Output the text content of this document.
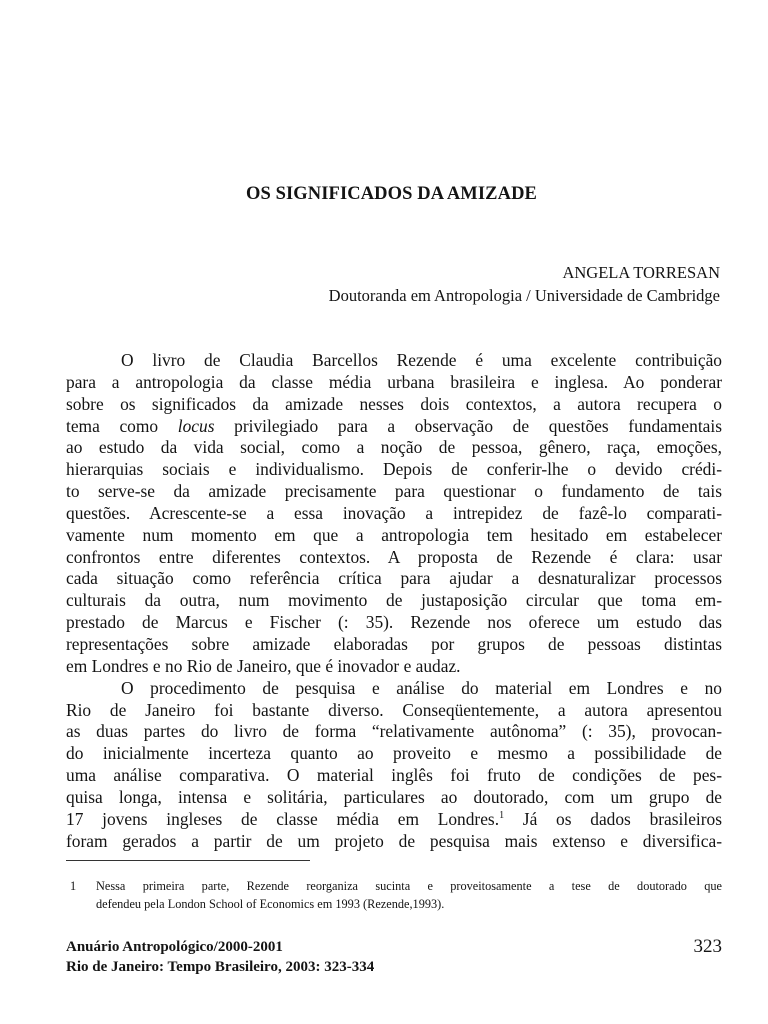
OS SIGNIFICADOS DA AMIZADE
ANGELA TORRESAN
Doutoranda em Antropologia / Universidade de Cambridge

O livro de Claudia Barcellos Rezende é uma excelente contribuição
para a antropologia da classe média urbana brasileira e inglesa. Ao ponderar
sobre os significados da amizade nesses dois contextos, a autora recupera o
tema como locus privilegiado para a observação de questões fundamentais
ao estudo da vida social, como a noção de pessoa, gênero, raça, emoções,
hierarquias sociais e individualismo. Depois de conferir-lhe o devido crédi-
to serve-se da amizade precisamente para questionar o fundamento de tais
questões. Acrescente-se a essa inovação a intrepidez de fazê-lo comparati-
vamente num momento em que a antropologia tem hesitado em estabelecer
confrontos entre diferentes contextos. A proposta de Rezende é clara: usar
cada situação como referência crítica para ajudar a desnaturalizar processos
culturais da outra, num movimento de justaposição circular que toma em-
prestado de Marcus e Fischer (: 35). Rezende nos oferece um estudo das
representações sobre amizade elaboradas por grupos de pessoas distintas
em Londres e no Rio de Janeiro, que é inovador e audaz.

O procedimento de pesquisa e análise do material em Londres e no
Rio de Janeiro foi bastante diverso. Conseqüentemente, a autora apresentou
as duas partes do livro de forma “relativamente autônoma” (: 35), provocan-
do inicialmente incerteza quanto ao proveito e mesmo a possibilidade de
uma análise comparativa. O material inglês foi fruto de condições de pes-
quisa longa, intensa e solitária, particulares ao doutorado, com um grupo de
17 jovens ingleses de classe média em Londres.$^1$ Já os dados brasileiros
foram gerados a partir de um projeto de pesquisa mais extenso e diversifica-

1 Nessa primeira parte, Rezende reorganiza sucinta e proveitosamente a tese de doutorado que
defendeu pela London School of Economics em 1993 (Rezende,1993).
Anuário Antropológico/2000-2001
Rio de Janeiro: Tempo Brasileiro, 2003: 323-334
323
